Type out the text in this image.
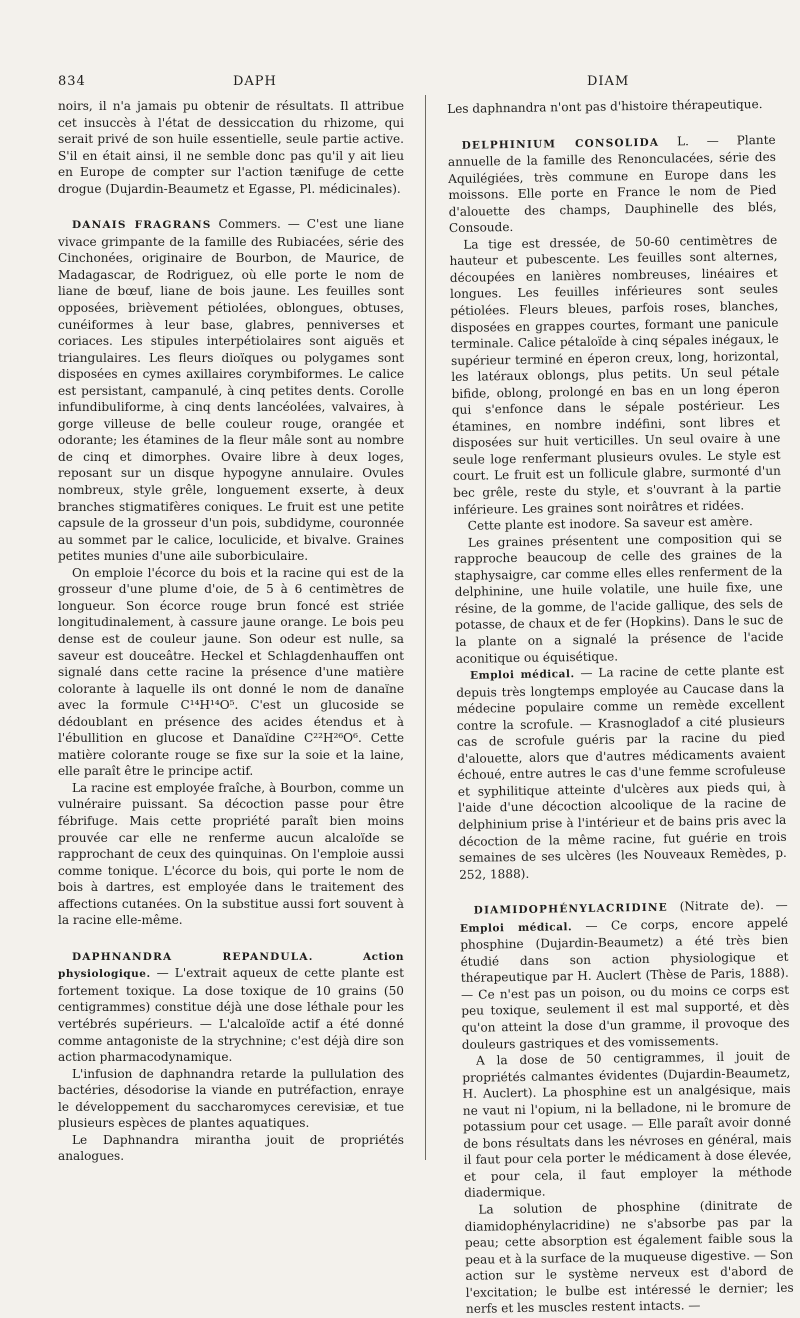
834	DAPH	DIAM

noirs, il n'a jamais pu obtenir de résultats. Il attribue cet insuccès à l'état de dessiccation du rhizome, qui serait privé de son huile essentielle, seule partie active. S'il en était ainsi, il ne semble donc pas qu'il y ait lieu en Europe de compter sur l'action tænifuge de cette drogue (Dujardin-Beaumetz et Egasse, Pl. médicinales).

DANAIS FRAGRANS Commers. — C'est une liane vivace grimpante de la famille des Rubiacées, série des Cinchonées, originaire de Bourbon, de Maurice, de Madagascar, de Rodriguez, où elle porte le nom de liane de bœuf, liane de bois jaune. Les feuilles sont opposées, brièvement pétiolées, oblongues, obtuses, cunéiformes à leur base, glabres, penniverses et coriaces. Les stipules interpétiolaires sont aiguës et triangulaires. Les fleurs dioïques ou polygames sont disposées en cymes axillaires corymbiformes. Le calice est persistant, campanulé, à cinq petites dents. Corolle infundibuliforme, à cinq dents lancéolées, valvaires, à gorge villeuse de belle couleur rouge, orangée et odorante; les étamines de la fleur mâle sont au nombre de cinq et dimorphes. Ovaire libre à deux loges, reposant sur un disque hypogyne annulaire. Ovules nombreux, style grêle, longuement exserte, à deux branches stigmatifères coniques. Le fruit est une petite capsule de la grosseur d'un pois, subdidyme, couronnée au sommet par le calice, loculicide, et bivalve. Graines petites munies d'une aile suborbiculaire.

On emploie l'écorce du bois et la racine qui est de la grosseur d'une plume d'oie, de 5 à 6 centimètres de longueur. Son écorce rouge brun foncé est striée longitudinalement, à cassure jaune orange. Le bois peu dense est de couleur jaune. Son odeur est nulle, sa saveur est douceâtre. Heckel et Schlagdenhauffen ont signalé dans cette racine la présence d'une matière colorante à laquelle ils ont donné le nom de danaïne avec la formule C¹⁴H¹⁴O⁵. C'est un glucoside se dédoublant en présence des acides étendus et à l'ébullition en glucose et Danaïdine C²²H²⁶O⁶. Cette matière colorante rouge se fixe sur la soie et la laine, elle paraît être le principe actif.

La racine est employée fraîche, à Bourbon, comme un vulnéraire puissant. Sa décoction passe pour être fébrifuge. Mais cette propriété paraît bien moins prouvée car elle ne renferme aucun alcaloïde se rapprochant de ceux des quinquinas. On l'emploie aussi comme tonique. L'écorce du bois, qui porte le nom de bois à dartres, est employée dans le traitement des affections cutanées. On la substitue aussi fort souvent à la racine elle-même.

DAPHNANDRA REPANDULA. Action physiologique. — L'extrait aqueux de cette plante est fortement toxique. La dose toxique de 10 grains (50 centigrammes) constitue déjà une dose léthale pour les vertébrés supérieurs. — L'alcaloïde actif a été donné comme antagoniste de la strychnine; c'est déjà dire son action pharmacodynamique.

L'infusion de daphnandra retarde la pullulation des bactéries, désodorise la viande en putréfaction, enraye le développement du saccharomyces cerevisiæ, et tue plusieurs espèces de plantes aquatiques.

Le Daphnandra mirantha jouit de propriétés analogues.

Les daphnandra n'ont pas d'histoire thérapeutique.

DELPHINIUM CONSOLIDA L. — Plante annuelle de la famille des Renonculacées, série des Aquilégiées, très commune en Europe dans les moissons. Elle porte en France le nom de Pied d'alouette des champs, Dauphinelle des blés, Consoude.

La tige est dressée, de 50-60 centimètres de hauteur et pubescente. Les feuilles sont alternes, découpées en lanières nombreuses, linéaires et longues. Les feuilles inférieures sont seules pétiolées. Fleurs bleues, parfois roses, blanches, disposées en grappes courtes, formant une panicule terminale. Calice pétaloïde à cinq sépales inégaux, le supérieur terminé en éperon creux, long, horizontal, les latéraux oblongs, plus petits. Un seul pétale bifide, oblong, prolongé en bas en un long éperon qui s'enfonce dans le sépale postérieur. Les étamines, en nombre indéfini, sont libres et disposées sur huit verticilles. Un seul ovaire à une seule loge renfermant plusieurs ovules. Le style est court. Le fruit est un follicule glabre, surmonté d'un bec grêle, reste du style, et s'ouvrant à la partie inférieure. Les graines sont noirâtres et ridées.

Cette plante est inodore. Sa saveur est amère.

Les graines présentent une composition qui se rapproche beaucoup de celle des graines de la staphysaigre, car comme elles elles renferment de la delphinine, une huile volatile, une huile fixe, une résine, de la gomme, de l'acide gallique, des sels de potasse, de chaux et de fer (Hopkins). Dans le suc de la plante on a signalé la présence de l'acide aconitique ou équisétique.

Emploi médical. — La racine de cette plante est depuis très longtemps employée au Caucase dans la médecine populaire comme un remède excellent contre la scrofule. — Krasnogladof a cité plusieurs cas de scrofule guéris par la racine du pied d'alouette, alors que d'autres médicaments avaient échoué, entre autres le cas d'une femme scrofuleuse et syphilitique atteinte d'ulcères aux pieds qui, à l'aide d'une décoction alcoolique de la racine de delphinium prise à l'intérieur et de bains pris avec la décoction de la même racine, fut guérie en trois semaines de ses ulcères (les Nouveaux Remèdes, p. 252, 1888).

DIAMIDOPHÉNYLACRIDINE (Nitrate de). — Emploi médical. — Ce corps, encore appelé phosphine (Dujardin-Beaumetz) a été très bien étudié dans son action physiologique et thérapeutique par H. Auclert (Thèse de Paris, 1888). — Ce n'est pas un poison, ou du moins ce corps est peu toxique, seulement il est mal supporté, et dès qu'on atteint la dose d'un gramme, il provoque des douleurs gastriques et des vomissements.

A la dose de 50 centigrammes, il jouit de propriétés calmantes évidentes (Dujardin-Beaumetz, H. Auclert). La phosphine est un analgésique, mais ne vaut ni l'opium, ni la belladone, ni le bromure de potassium pour cet usage. — Elle paraît avoir donné de bons résultats dans les névroses en général, mais il faut pour cela porter le médicament à dose élevée, et pour cela, il faut employer la méthode diadermique.

La solution de phosphine (dinitrate de diamidophénylacridine) ne s'absorbe pas par la peau; cette absorption est également faible sous la peau et à la surface de la muqueuse digestive. — Son action sur le système nerveux est d'abord de l'excitation; le bulbe est intéressé le dernier; les nerfs et les muscles restent intacts. —
